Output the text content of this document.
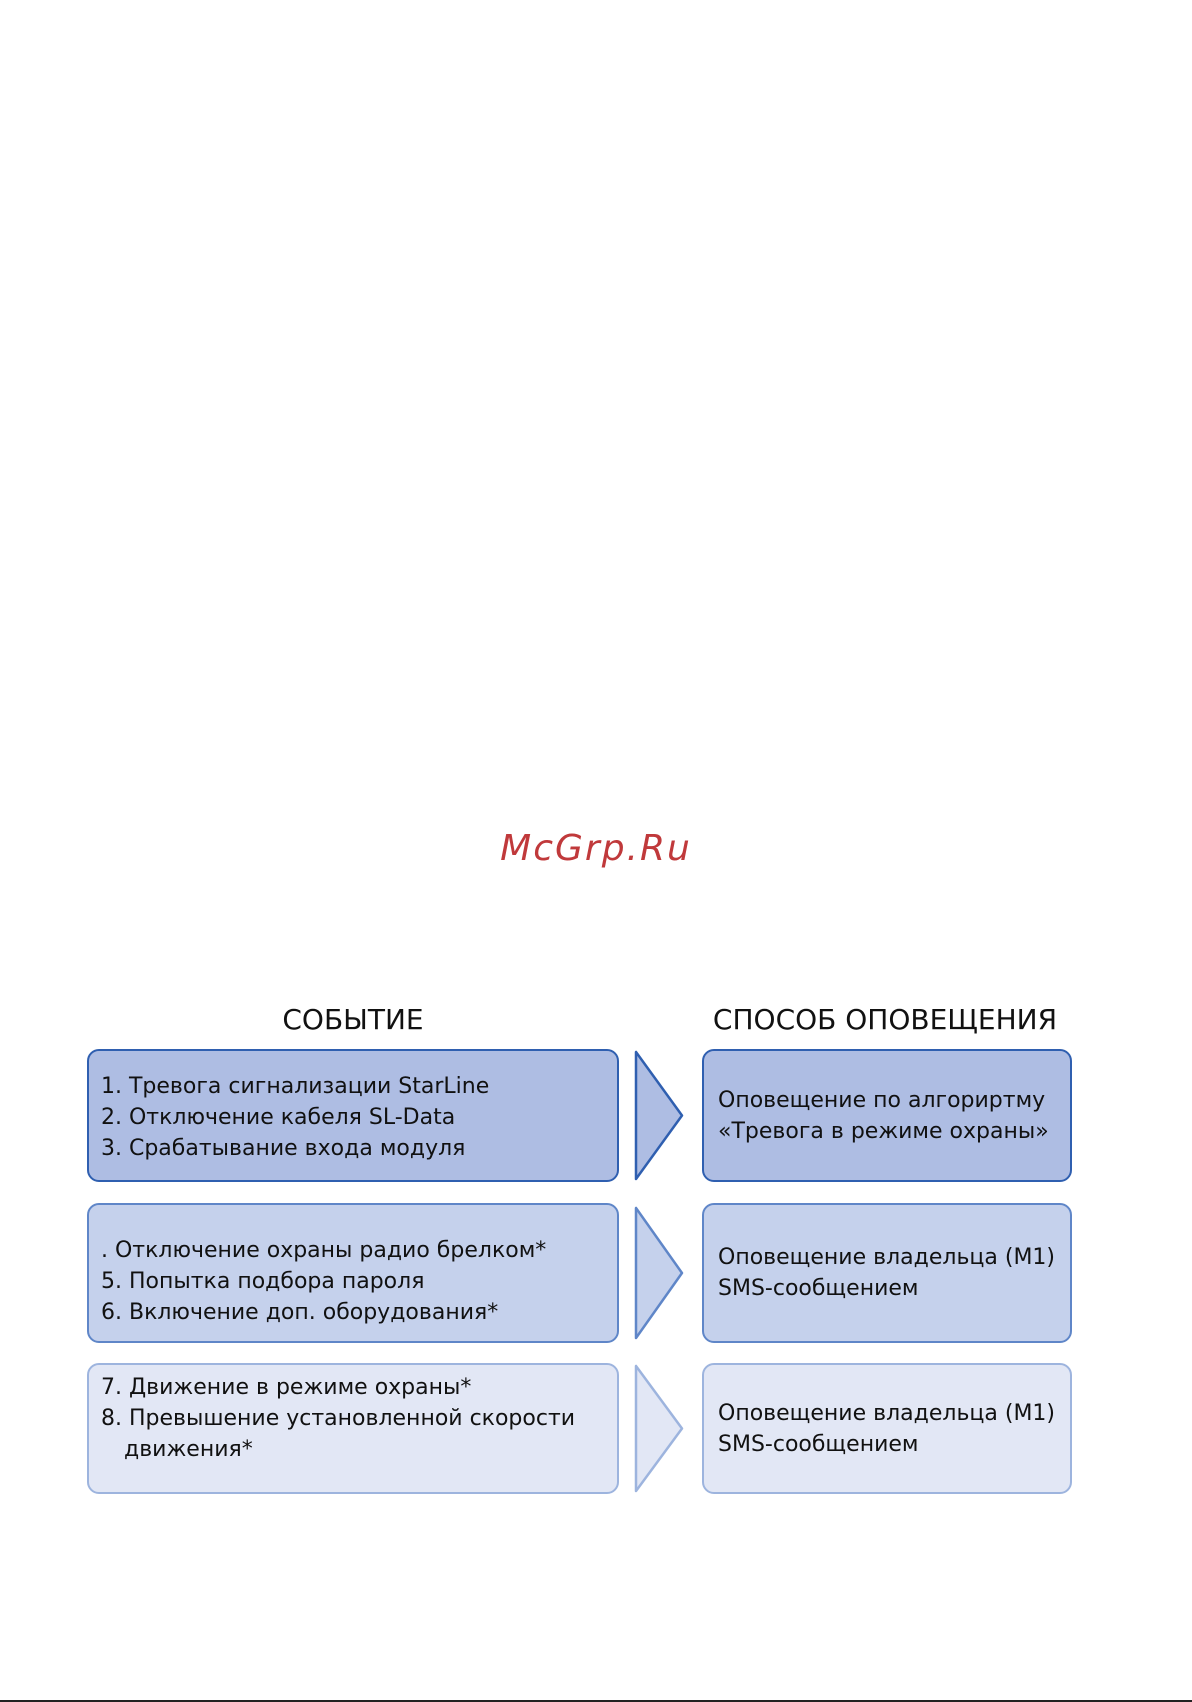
McGrp.Ru
СОБЫТИЕ	СПОСОБ ОПОВЕЩЕНИЯ
1. Тревога сигнализации StarLine
2. Отключение кабеля SL-Data
3. Срабатывание входа модуля
Оповещение по алгориртму
«Тревога в режиме охраны»
. Отключение охраны радио брелком*
5. Попытка подбора пароля
6. Включение доп. оборудования*
Оповещение владельца (M1)
SMS-сообщением
7. Движение в режиме охраны*
8. Превышение установленной скорости
движения*
Оповещение владельца (M1)
SMS-сообщением
